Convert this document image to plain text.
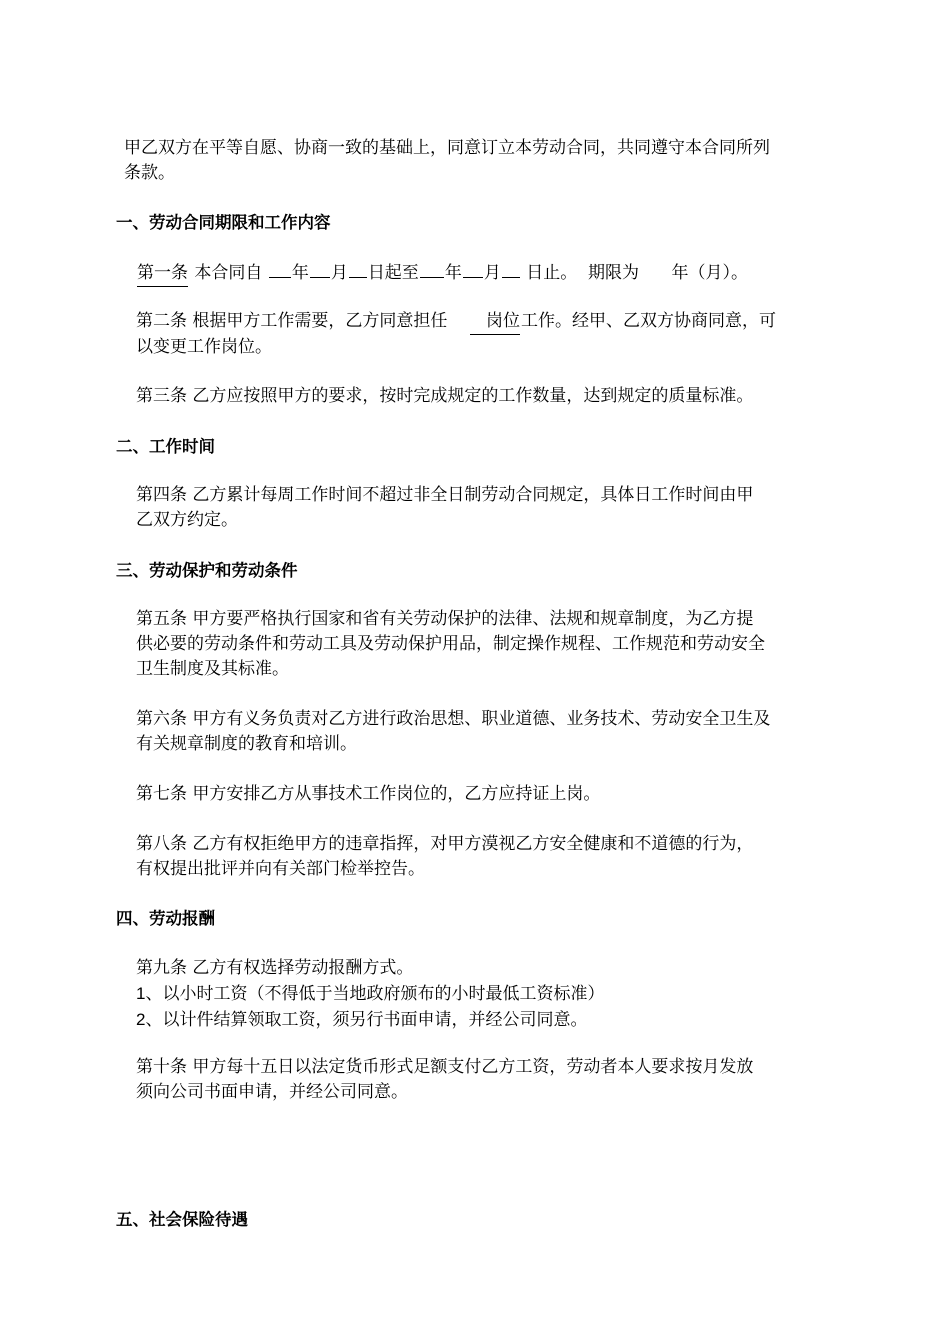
甲乙双方在平等自愿、协商一致的基础上，同意订立本劳动合同，共同遵守本合同所列
条款。
一、劳动合同期限和工作内容
第一条 本合同自 年 月 日起至 年 月 日止。 期限为 年（月）。
第二条 根据甲方工作需要，乙方同意担任 岗位工作。经甲、乙双方协商同意，可
以变更工作岗位。
第三条 乙方应按照甲方的要求，按时完成规定的工作数量，达到规定的质量标准。
二、工作时间
第四条 乙方累计每周工作时间不超过非全日制劳动合同规定，具体日工作时间由甲
乙双方约定。
三、劳动保护和劳动条件
第五条 甲方要严格执行国家和省有关劳动保护的法律、法规和规章制度，为乙方提
供必要的劳动条件和劳动工具及劳动保护用品，制定操作规程、工作规范和劳动安全
卫生制度及其标准。
第六条 甲方有义务负责对乙方进行政治思想、职业道德、业务技术、劳动安全卫生及
有关规章制度的教育和培训。
第七条 甲方安排乙方从事技术工作岗位的，乙方应持证上岗。
第八条 乙方有权拒绝甲方的违章指挥，对甲方漠视乙方安全健康和不道德的行为，
有权提出批评并向有关部门检举控告。
四、劳动报酬
第九条 乙方有权选择劳动报酬方式。
1、以小时工资（不得低于当地政府颁布的小时最低工资标准）
2、以计件结算领取工资，须另行书面申请，并经公司同意。
第十条 甲方每十五日以法定货币形式足额支付乙方工资，劳动者本人要求按月发放
须向公司书面申请，并经公司同意。
五、社会保险待遇
